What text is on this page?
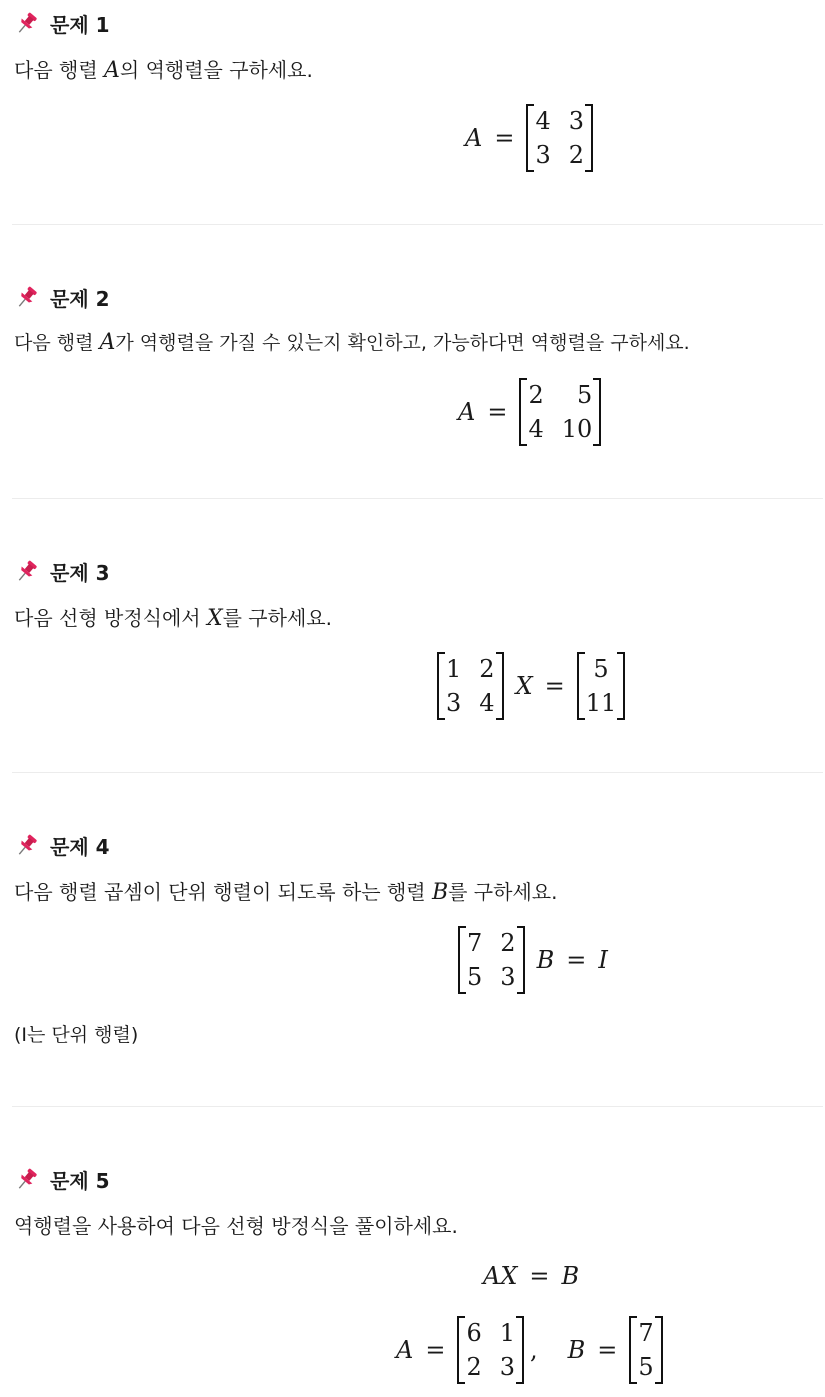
문제 1
다음 행렬 A의 역행렬을 구하세요.
A =
4 3
3 2
문제 2
다음 행렬 A가 역행렬을 가질 수 있는지 확인하고, 가능하다면 역행렬을 구하세요.
A =
2	5
4 10
문제 3
다음 선형 방정식에서 X를 구하세요.
1 2
3 4
X =
5
11
문제 4
다음 행렬 곱셈이 단위 행렬이 되도록 하는 행렬 B를 구하세요.
7 2
5 3
B = I
(I는 단위 행렬)
문제 5
역행렬을 사용하여 다음 선형 방정식을 풀이하세요.
AX = B
A =
6 1
2 3
, B =
7
5
